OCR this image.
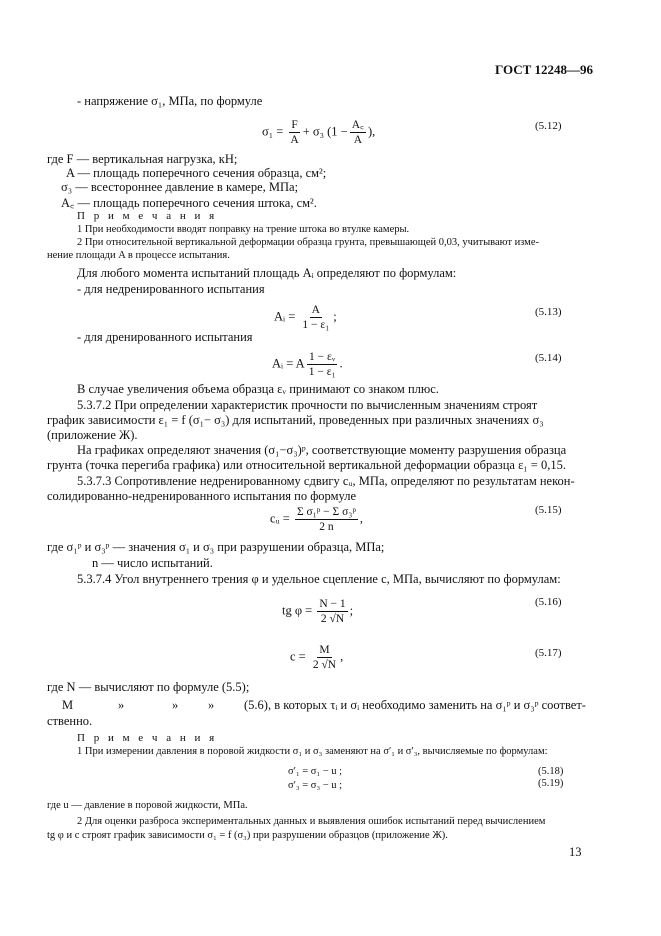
ГОСТ 12248—96
- напряжение σ₁, МПа, по формуле
$\sigma_1 = \frac{F}{A} + \sigma_3$ ($1 - \frac{A꜀}{A}$ ),	(5.12)
где F — вертикальная нагрузка, кН;
A — площадь поперечного сечения образца, см²;
σ₃ — всестороннее давление в камере, МПа;
A꜀ — площадь поперечного сечения штока, см².
П р и м е ч а н и я
1 При необходимости вводят поправку на трение штока во втулке камеры.
2 При относительной вертикальной деформации образца грунта, превышающей 0,03, учитывают изме-
нение площади A в процессе испытания.
Для любого момента испытаний площадь Aᵢ определяют по формулам:
- для недренированного испытания
Aᵢ = $\frac{A}{\text{1 − ε₁}}$ ;	(5.13)
- для дренированного испытания
Aᵢ = A $\frac{\text{1 − εᵥ}}{\text{1 − ε₁}}$ .	(5.14)
В случае увеличения объема образца εᵥ принимают со знаком плюс.
5.3.7.2 При определении характеристик прочности по вычисленным значениям строят
график зависимости ε₁ = f (σ₁− σ₃) для испытаний, проведенных при различных значениях σ₃
(приложение Ж).
На графиках определяют значения (σ₁−σ₃)ᵖ, соответствующие моменту разрушения образца
грунта (точка перегиба графика) или относительной вертикальной деформации образца ε₁ = 0,15.
5.3.7.3 Сопротивление недренированному сдвигу cᵤ, МПа, определяют по результатам некон-
солидированно-недренированного испытания по формуле
cᵤ = $\frac{\text{Σ σ₁ᵖ − Σ σ₃ᵖ}}{2 n}$ ,
(5.15)
где σ₁ᵖ и σ₃ᵖ — значения σ₁ и σ₃ при разрушении образца, МПа;
n — число испытаний.
5.3.7.4 Угол внутреннего трения φ и удельное сцепление c, МПа, вычисляют по формулам:
tg $\varphi = \frac{N - 1}{2 √N}$ ;
(5.16)
$c = \frac{M}{2 √N}$ ,	(5.17)
где N — вычисляют по формуле (5.5);
M	»	» » (5.6), в которых τᵢ и σᵢ необходимо заменить на σ₁ᵖ и σ₃ᵖ соответ-
ственно.
П р и м е ч а н и я
1 При измерении давления в поровой жидкости σ₁ и σ₃ заменяют на σ′₁ и σ′₃, вычисляемые по формулам:
σ′₁ = σ₁ − u ;	(5.18)
σ′₃ = σ₃ − u ;	(5.19)
где u — давление в поровой жидкости, МПа.
2 Для оценки разброса экспериментальных данных и выявления ошибок испытаний перед вычислением
tg φ и c строят график зависимости σ₁ = f (σ₃) при разрушении образцов (приложение Ж).
13
